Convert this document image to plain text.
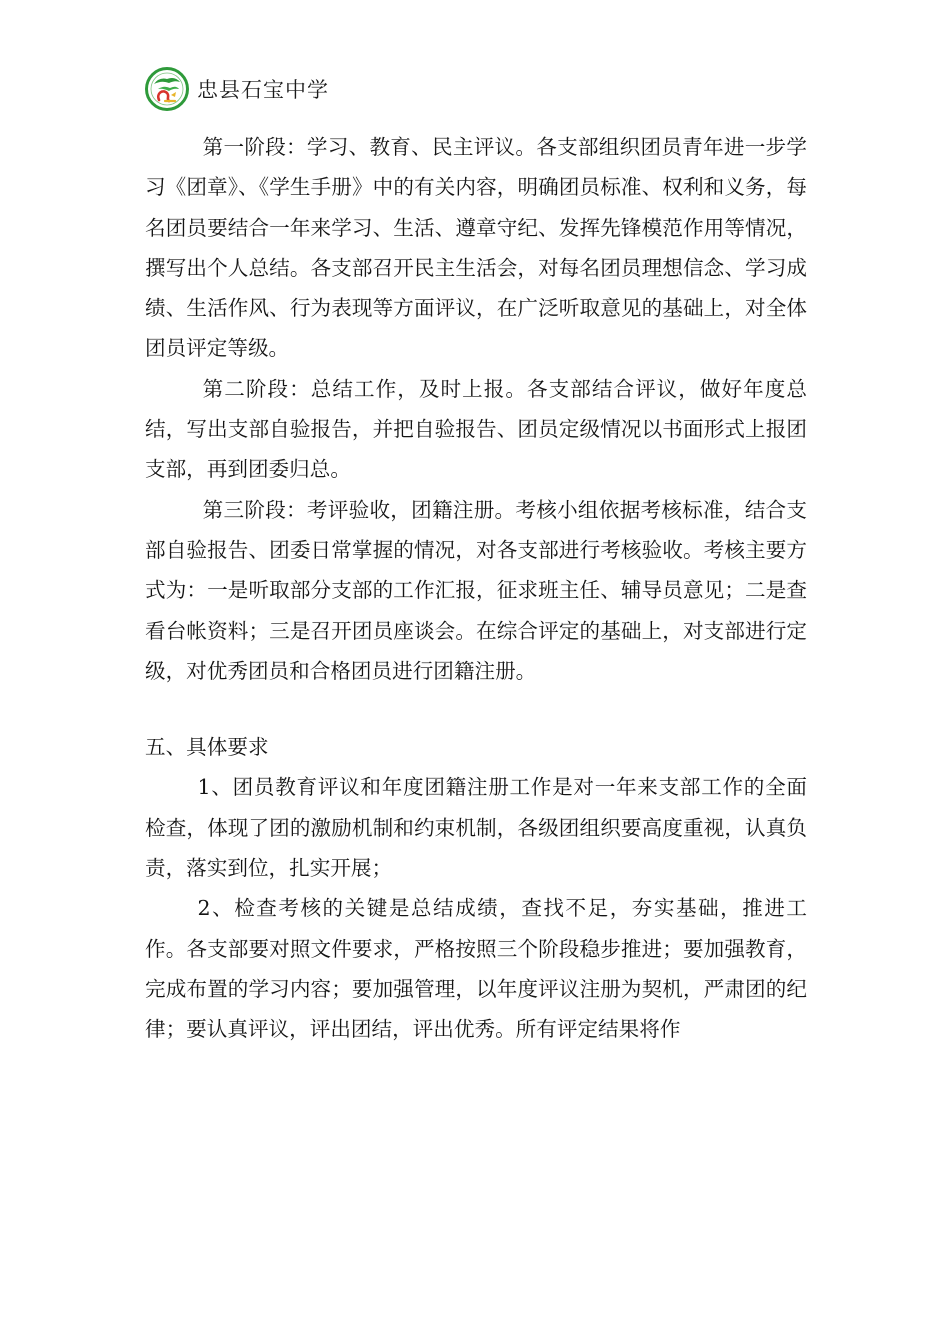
忠县石宝中学

第一阶段：学习、教育、民主评议。各支部组织团员青年进一步学习《团章》、《学生手册》中的有关内容，明确团员标准、权利和义务，每名团员要结合一年来学习、生活、遵章守纪、发挥先锋模范作用等情况，撰写出个人总结。各支部召开民主生活会，对每名团员理想信念、学习成绩、生活作风、行为表现等方面评议，在广泛听取意见的基础上，对全体团员评定等级。

第二阶段：总结工作，及时上报。各支部结合评议，做好年度总结，写出支部自验报告，并把自验报告、团员定级情况以书面形式上报团支部，再到团委归总。

第三阶段：考评验收，团籍注册。考核小组依据考核标准，结合支部自验报告、团委日常掌握的情况，对各支部进行考核验收。考核主要方式为：一是听取部分支部的工作汇报，征求班主任、辅导员意见；二是查看台帐资料；三是召开团员座谈会。在综合评定的基础上，对支部进行定级，对优秀团员和合格团员进行团籍注册。

五、具体要求

1、团员教育评议和年度团籍注册工作是对一年来支部工作的全面检查，体现了团的激励机制和约束机制，各级团组织要高度重视，认真负责，落实到位，扎实开展；

2、检查考核的关键是总结成绩，查找不足，夯实基础，推进工作。各支部要对照文件要求，严格按照三个阶段稳步推进；要加强教育，完成布置的学习内容；要加强管理，以年度评议注册为契机，严肃团的纪律；要认真评议，评出团结，评出优秀。所有评定结果将作
